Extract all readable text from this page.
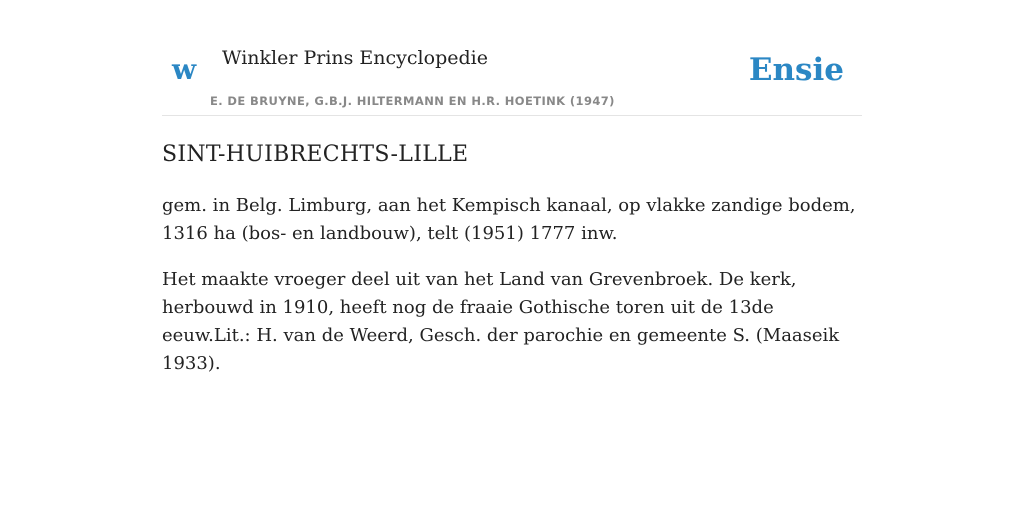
w Winkler Prins Encyclopedie
E. DE BRUYNE, G.B.J. HILTERMANN EN H.R. HOETINK (1947)
Ensie
SINT-HUIBRECHTS-LILLE

gem. in Belg. Limburg, aan het Kempisch kanaal, op vlakke zandige bodem, 1316 ha (bos- en landbouw), telt (1951) 1777 inw.

Het maakte vroeger deel uit van het Land van Grevenbroek. De kerk, herbouwd in 1910, heeft nog de fraaie Gothische toren uit de 13de eeuw.Lit.: H. van de Weerd, Gesch. der parochie en gemeente S. (Maaseik 1933).
